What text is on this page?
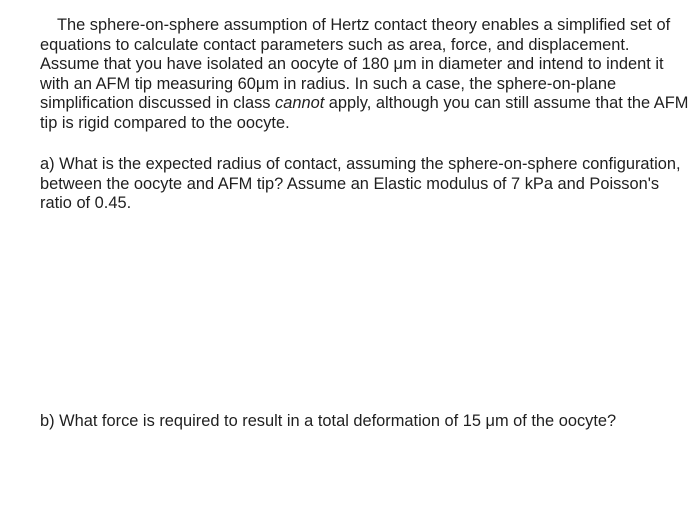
The sphere-on-sphere assumption of Hertz contact theory enables a simplified set of equations to calculate contact parameters such as area, force, and displacement. Assume that you have isolated an oocyte of 180 μm in diameter and intend to indent it with an AFM tip measuring 60μm in radius. In such a case, the sphere-on-plane simplification discussed in class cannot apply, although you can still assume that the AFM tip is rigid compared to the oocyte.

a) What is the expected radius of contact, assuming the sphere-on-sphere configuration, between the oocyte and AFM tip? Assume an Elastic modulus of 7 kPa and Poisson's ratio of 0.45.

b) What force is required to result in a total deformation of 15 μm of the oocyte?
